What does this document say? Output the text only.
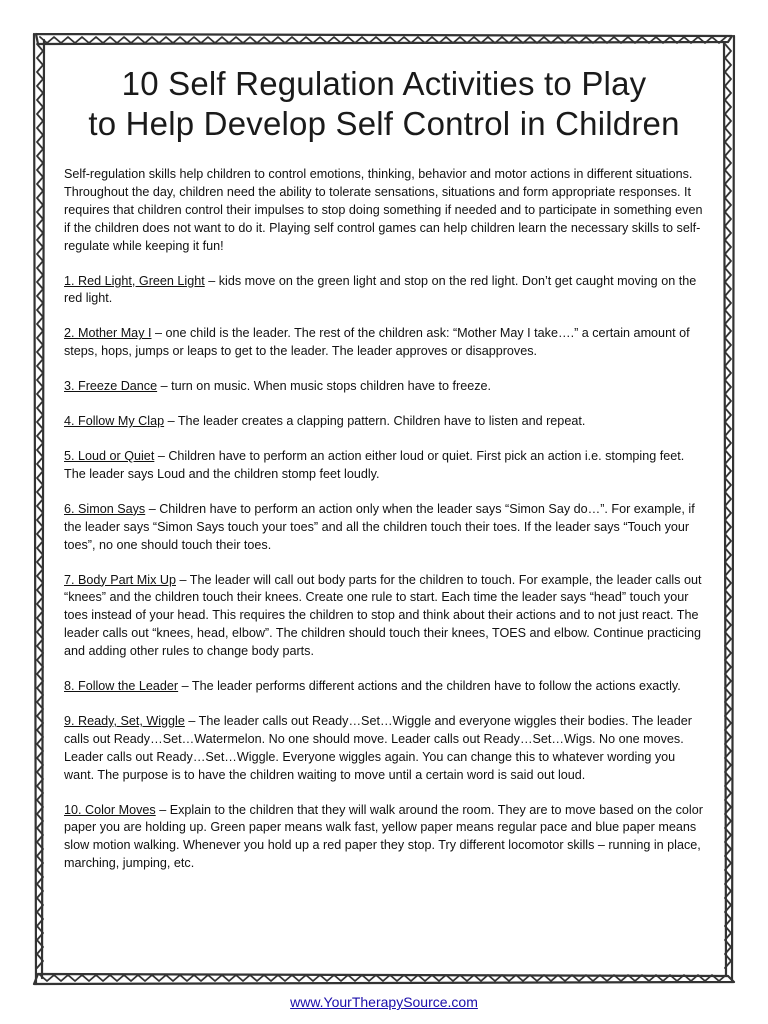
10 Self Regulation Activities to Play
to Help Develop Self Control in Children

Self-regulation skills help children to control emotions, thinking, behavior and motor actions in different situations. Throughout the day, children need the ability to tolerate sensations, situations and form appropriate responses. It requires that children control their impulses to stop doing something if needed and to participate in something even if the children does not want to do it. Playing self control games can help children learn the necessary skills to self-regulate while keeping it fun!

1. Red Light, Green Light – kids move on the green light and stop on the red light. Don’t get caught moving on the red light.

2. Mother May I – one child is the leader. The rest of the children ask: “Mother May I take….” a certain amount of steps, hops, jumps or leaps to get to the leader. The leader approves or disapproves.

3. Freeze Dance – turn on music. When music stops children have to freeze.

4. Follow My Clap – The leader creates a clapping pattern. Children have to listen and repeat.

5. Loud or Quiet – Children have to perform an action either loud or quiet. First pick an action i.e. stomping feet. The leader says Loud and the children stomp feet loudly.

6. Simon Says – Children have to perform an action only when the leader says “Simon Say do…”. For example, if the leader says “Simon Says touch your toes” and all the children touch their toes. If the leader says “Touch your toes”, no one should touch their toes.

7. Body Part Mix Up – The leader will call out body parts for the children to touch. For example, the leader calls out “knees” and the children touch their knees. Create one rule to start. Each time the leader says “head” touch your toes instead of your head. This requires the children to stop and think about their actions and to not just react. The leader calls out “knees, head, elbow”. The children should touch their knees, TOES and elbow. Continue practicing and adding other rules to change body parts.

8. Follow the Leader – The leader performs different actions and the children have to follow the actions exactly.

9. Ready, Set, Wiggle – The leader calls out Ready…Set…Wiggle and everyone wiggles their bodies. The leader calls out Ready…Set…Watermelon. No one should move. Leader calls out Ready…Set…Wigs. No one moves. Leader calls out Ready…Set…Wiggle. Everyone wiggles again. You can change this to whatever wording you want. The purpose is to have the children waiting to move until a certain word is said out loud.

10. Color Moves – Explain to the children that they will walk around the room. They are to move based on the color paper you are holding up. Green paper means walk fast, yellow paper means regular pace and blue paper means slow motion walking. Whenever you hold up a red paper they stop. Try different locomotor skills – running in place, marching, jumping, etc.

www.YourTherapySource.com
